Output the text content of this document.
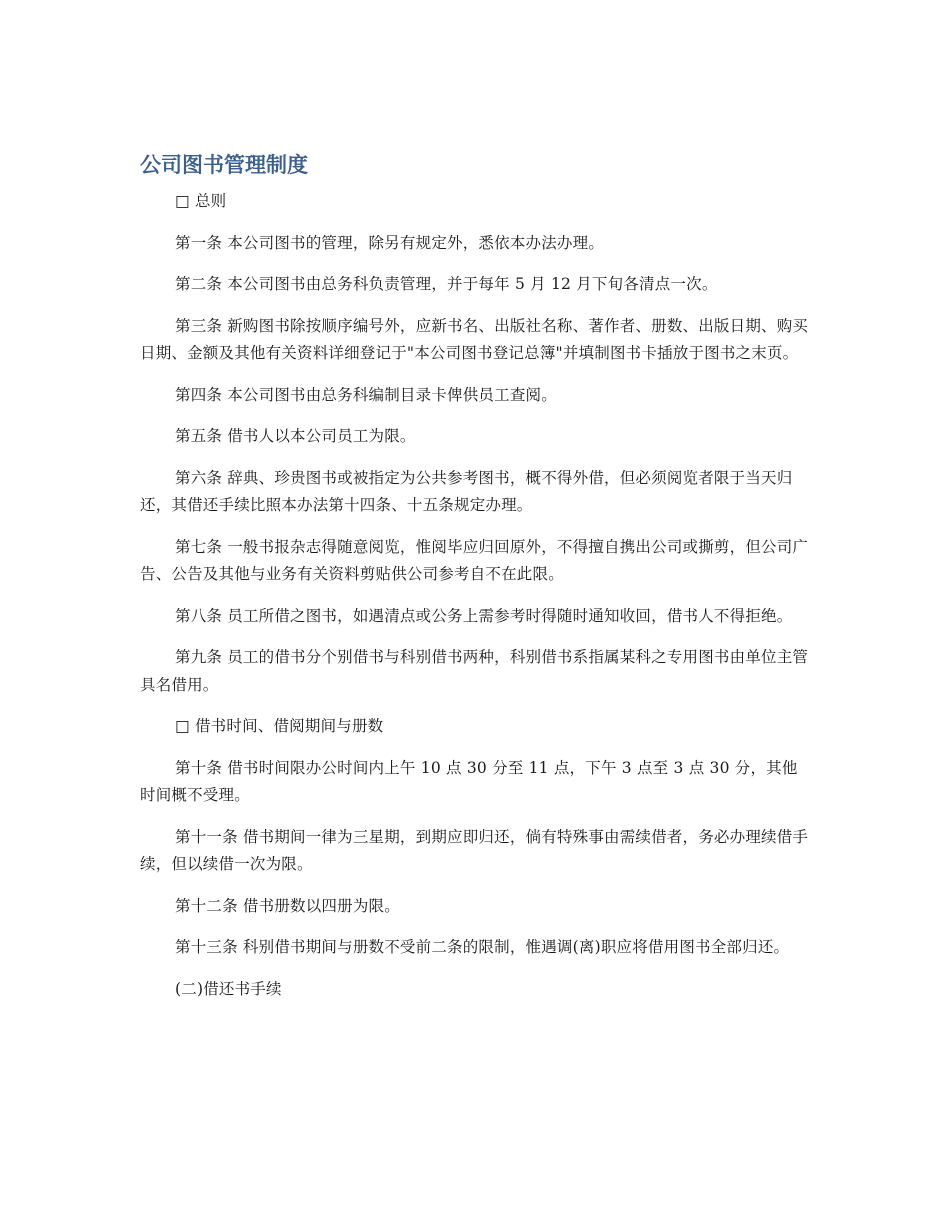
公司图书管理制度

□ 总则

第一条 本公司图书的管理，除另有规定外，悉依本办法办理。

第二条 本公司图书由总务科负责管理，并于每年 5 月 12 月下旬各清点一次。

第三条 新购图书除按顺序编号外，应新书名、出版社名称、著作者、册数、出版日期、购买日期、金额及其他有关资料详细登记于"本公司图书登记总簿"并填制图书卡插放于图书之末页。

第四条 本公司图书由总务科编制目录卡俾供员工查阅。

第五条 借书人以本公司员工为限。

第六条 辞典、珍贵图书或被指定为公共参考图书，概不得外借，但必须阅览者限于当天归还，其借还手续比照本办法第十四条、十五条规定办理。

第七条 一般书报杂志得随意阅览，惟阅毕应归回原外，不得擅自携出公司或撕剪，但公司广告、公告及其他与业务有关资料剪贴供公司参考自不在此限。

第八条 员工所借之图书，如遇清点或公务上需参考时得随时通知收回，借书人不得拒绝。

第九条 员工的借书分个别借书与科别借书两种，科别借书系指属某科之专用图书由单位主管具名借用。

□ 借书时间、借阅期间与册数

第十条 借书时间限办公时间内上午 10 点 30 分至 11 点，下午 3 点至 3 点 30 分，其他时间概不受理。

第十一条 借书期间一律为三星期，到期应即归还，倘有特殊事由需续借者，务必办理续借手续，但以续借一次为限。

第十二条 借书册数以四册为限。

第十三条 科别借书期间与册数不受前二条的限制，惟遇调(离)职应将借用图书全部归还。

(二)借还书手续
